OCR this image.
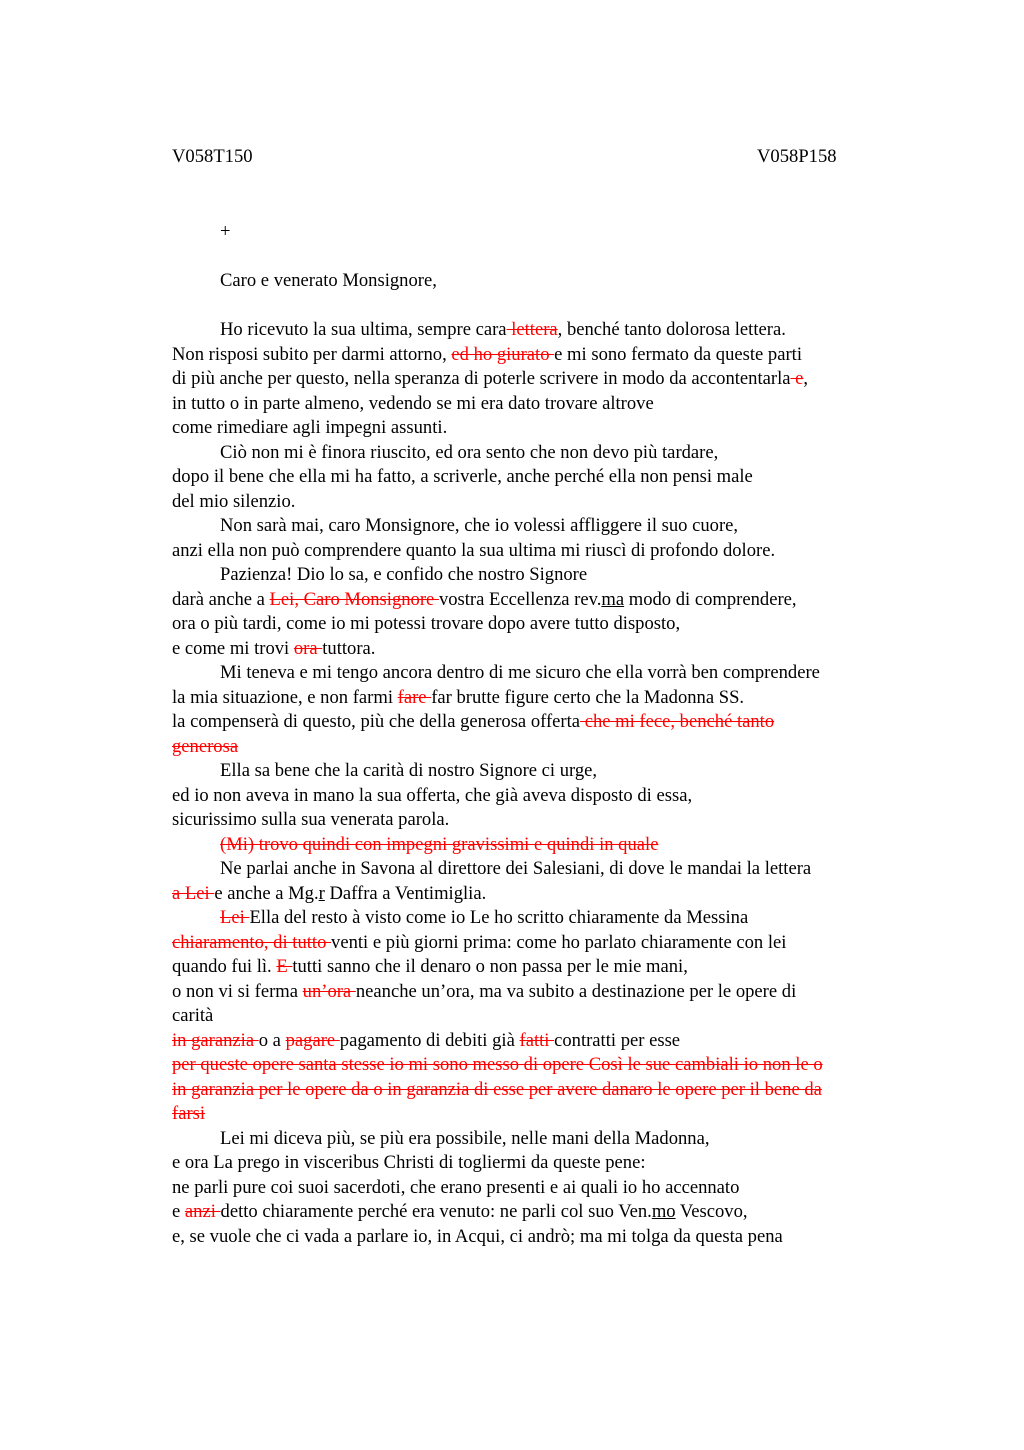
V058T150	V058P158
+
Caro e venerato Monsignore,
Ho ricevuto la sua ultima, sempre cara lettera, benché tanto dolorosa lettera.
Non risposi subito per darmi attorno, ed ho giurato e mi sono fermato da queste parti
di più anche per questo, nella speranza di poterle scrivere in modo da accontentarla e,
in tutto o in parte almeno, vedendo se mi era dato trovare altrove
come rimediare agli impegni assunti.
Ciò non mi è finora riuscito, ed ora sento che non devo più tardare,
dopo il bene che ella mi ha fatto, a scriverle, anche perché ella non pensi male
del mio silenzio.
Non sarà mai, caro Monsignore, che io volessi affliggere il suo cuore,
anzi ella non può comprendere quanto la sua ultima mi riuscì di profondo dolore.
Pazienza! Dio lo sa, e confido che nostro Signore
darà anche a Lei, Caro Monsignore vostra Eccellenza rev.ma modo di comprendere,
ora o più tardi, come io mi potessi trovare dopo avere tutto disposto,
e come mi trovi ora tuttora.
Mi teneva e mi tengo ancora dentro di me sicuro che ella vorrà ben comprendere
la mia situazione, e non farmi fare far brutte figure certo che la Madonna SS.
la compenserà di questo, più che della generosa offerta che mi fece, benché tanto
generosa
Ella sa bene che la carità di nostro Signore ci urge,
ed io non aveva in mano la sua offerta, che già aveva disposto di essa,
sicurissimo sulla sua venerata parola.
(Mi) trovo quindi con impegni gravissimi e quindi in quale
Ne parlai anche in Savona al direttore dei Salesiani, di dove le mandai la lettera
a Lei e anche a Mg.r Daffra a Ventimiglia.
Lei Ella del resto à visto come io Le ho scritto chiaramente da Messina
chiaramento, di tutto venti e più giorni prima: come ho parlato chiaramente con lei
quando fui lì. E tutti sanno che il denaro o non passa per le mie mani,
o non vi si ferma un’ora neanche un’ora, ma va subito a destinazione per le opere di
carità
in garanzia o a pagare pagamento di debiti già fatti contratti per esse
per queste opere santa stesse io mi sono messo di opere Così le sue cambiali io non le o
in garanzia per le opere da o in garanzia di esse per avere danaro le opere per il bene da
farsi
Lei mi diceva più, se più era possibile, nelle mani della Madonna,
e ora La prego in visceribus Christi di togliermi da queste pene:
ne parli pure coi suoi sacerdoti, che erano presenti e ai quali io ho accennato
e anzi detto chiaramente perché era venuto: ne parli col suo Ven.mo Vescovo,
e, se vuole che ci vada a parlare io, in Acqui, ci andrò; ma mi tolga da questa pena
